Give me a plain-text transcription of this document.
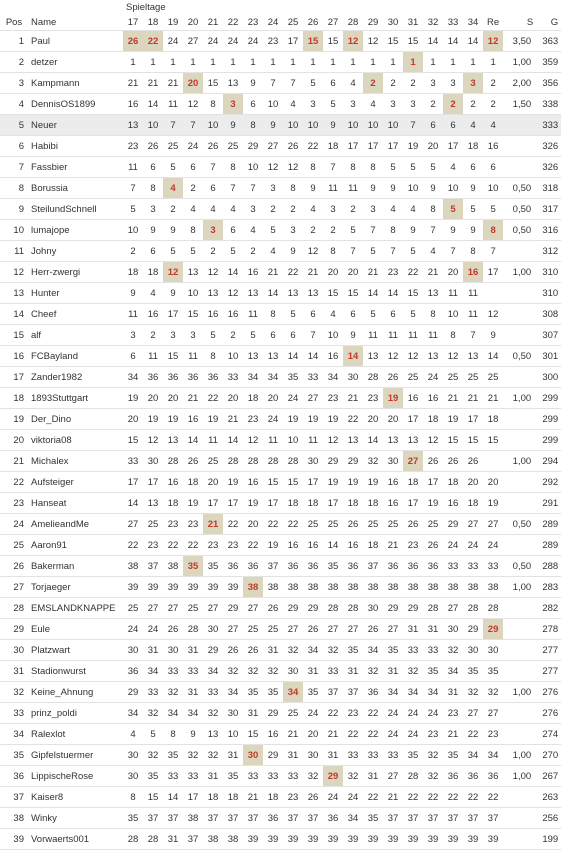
		Spieltage																				
Pos	Name	17	18	19	20	21	22	23	24	25	26	27	28	29	30	31	32	33	34	Re	S	G
1	Paul	26	22	24	27	24	24	24	23	17	15	15	12	12	15	15	14	14	14	12	3,50	363
2	detzer	1	1	1	1	1	1	1	1	1	1	1	1	1	1	1	1	1	1	1	1,00	359
3	Kampmann	21	21	21	20	15	13	9	7	7	5	6	4	2	2	2	3	3	3	2	2,00	356
4	DennisOS1899	16	14	11	12	8	3	6	10	4	3	5	3	4	3	3	2	2	2	2	1,50	338
5	Neuer	13	10	7	7	10	9	8	9	10	10	9	10	10	10	7	6	6	4	4		333
6	Habibi	23	26	25	24	26	25	29	27	26	22	18	17	17	17	19	20	17	18	16		326
7	Fassbier	11	6	5	6	7	8	10	12	12	8	7	8	8	5	5	5	4	6	6		326
8	Borussia	7	8	4	2	6	7	7	3	8	9	11	11	9	9	10	9	10	9	10	0,50	318
9	SteilundSchnell	5	3	2	4	4	4	3	2	2	4	3	2	3	4	4	8	5	5	5	0,50	317
10	lumajope	10	9	9	8	3	6	4	5	3	2	2	5	7	8	9	7	9	9	8	0,50	316
11	Johny	2	6	5	5	2	5	2	4	9	12	8	7	5	7	5	4	7	8	7		312
12	Herr-zwergi	18	18	12	13	12	14	16	21	22	21	20	20	21	23	22	21	20	16	17	1,00	310
13	Hunter	9	4	9	10	13	12	13	14	13	13	15	15	14	14	15	13	11	11			310
14	Cheef	11	16	17	15	16	16	11	8	5	6	4	6	5	6	5	8	10	11	12		308
15	alf	3	2	3	3	5	2	5	6	6	7	10	9	11	11	11	11	8	7	9		307
16	FCBayland	6	11	15	11	8	10	13	13	14	14	16	14	13	12	12	13	12	13	14	0,50	301
17	Zander1982	34	36	36	36	36	33	34	34	35	33	34	30	28	26	25	24	25	25	25		300
18	1893Stuttgart	19	20	20	21	22	20	18	20	24	27	23	21	23	19	16	16	21	21	21	1,00	299
19	Der_Dino	20	19	19	16	19	21	23	24	19	19	19	22	20	20	17	18	19	17	18		299
20	viktoria08	15	12	13	14	11	14	12	11	10	11	12	13	14	13	13	12	15	15	15		299
21	Michalex	33	30	28	26	25	28	28	28	28	30	29	29	32	30	27	26	26	26		1,00	294
22	Aufsteiger	17	17	16	18	20	19	16	15	15	17	19	19	19	16	18	17	18	20	20		292
23	Hanseat	14	13	18	19	17	17	19	17	18	18	17	18	18	16	17	19	16	18	19		291
24	AmelieandMe	27	25	23	23	21	22	20	22	22	25	25	26	25	25	26	25	29	27	27	0,50	289
25	Aaron91	22	23	22	22	23	23	22	19	16	16	14	16	18	21	23	26	24	24	24		289
26	Bakerman	38	37	38	35	35	36	36	37	36	36	35	36	37	36	36	36	33	33	33	0,50	288
27	Torjaeger	39	39	39	39	39	39	38	38	38	38	38	38	38	38	38	38	38	38	38	1,00	283
28	EMSLANDKNAPPE	25	27	27	25	27	29	27	26	29	29	28	28	30	29	29	28	27	28	28		282
29	Eule	24	24	26	28	30	27	25	25	27	26	27	27	26	27	31	31	30	29	29		278
30	Platzwart	30	31	30	31	29	26	26	31	32	34	32	35	34	35	33	33	32	30	30		277
31	Stadionwurst	36	34	33	33	34	32	32	32	30	31	33	31	32	31	32	35	34	35	35		277
32	Keine_Ahnung	29	33	32	31	33	34	35	35	34	35	37	37	36	34	34	34	31	32	32	1,00	276
33	prinz_poldi	34	32	34	34	32	30	31	29	25	24	22	23	22	24	24	24	23	27	27		276
34	Ralexlot	4	5	8	9	13	10	15	16	21	20	21	22	22	24	24	23	21	22	23		274
35	Gipfelstuermer	30	32	35	32	32	31	30	29	31	30	31	33	33	33	35	32	35	34	34	1,00	270
36	LippischeRose	30	35	33	33	31	35	33	33	33	32	29	32	31	27	28	32	36	36	36	1,00	267
37	Kaiser8	8	15	14	17	18	18	21	18	23	26	24	24	22	21	22	22	22	22	22		263
38	Winky	35	37	37	38	37	37	37	36	37	37	36	34	35	37	37	37	37	37	37		256
39	Vorwaerts001	28	28	31	37	38	38	39	39	39	39	39	39	39	39	39	39	39	39	39		199
